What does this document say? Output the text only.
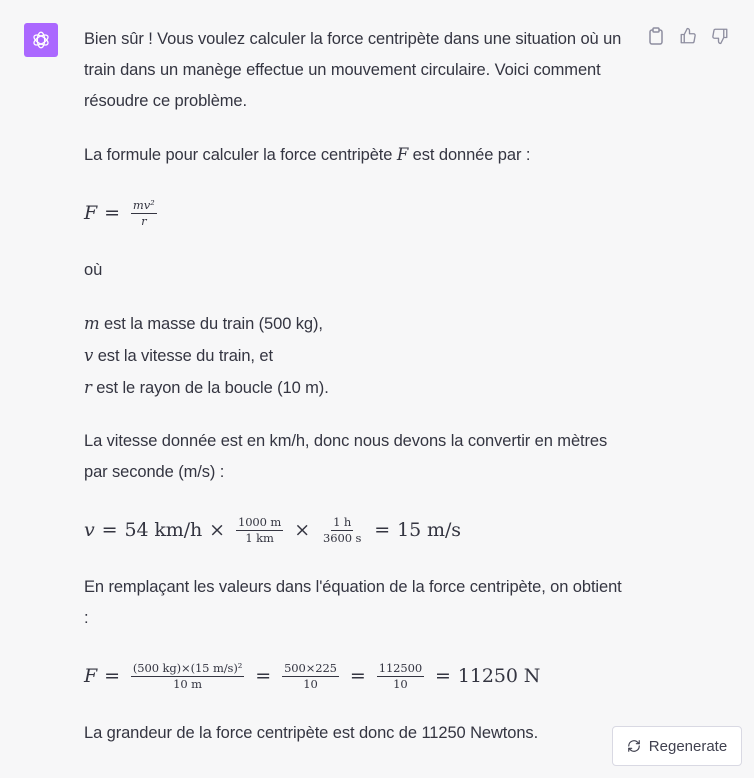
Bien sûr ! Vous voulez calculer la force centripète dans une situation où un train dans un manège effectue un mouvement circulaire. Voici comment résoudre ce problème.

La formule pour calculer la force centripète F est donnée par :

$F = \frac{\text{mv²}}{r}$

où

m est la masse du train (500 kg),
v est la vitesse du train, et
r est le rayon de la boucle (10 m).

La vitesse donnée est en km/h, donc nous devons la convertir en mètres par seconde (m/s) :

v = 54 $km/h \times \frac{1000 m}{1 km} \times \frac{1 h}{3600 s} = 15$ m/s

En remplaçant les valeurs dans l'équation de la force centripète, on obtient :

$F = \frac{\text{(500 kg)×(15 m/s)²}}{10 m} = \frac{500\times 225}{10} = \frac{112500}{10} = 11250$ N

La grandeur de la force centripète est donc de 11250 Newtons.

Regenerate
